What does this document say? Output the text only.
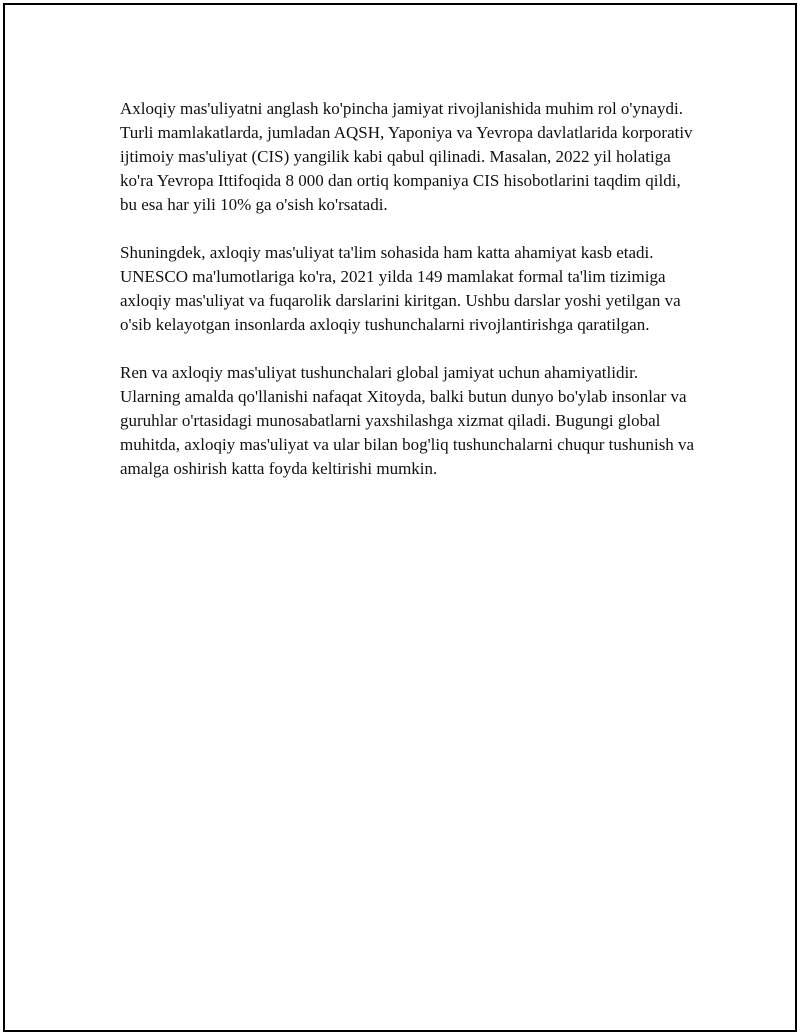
Axloqiy mas'uliyatni anglash ko'pincha jamiyat rivojlanishida muhim rol o'ynaydi. Turli mamlakatlarda, jumladan AQSH, Yaponiya va Yevropa davlatlarida korporativ ijtimoiy mas'uliyat (CIS) yangilik kabi qabul qilinadi. Masalan, 2022 yil holatiga ko'ra Yevropa Ittifoqida 8 000 dan ortiq kompaniya CIS hisobotlarini taqdim qildi, bu esa har yili 10% ga o'sish ko'rsatadi.

Shuningdek, axloqiy mas'uliyat ta'lim sohasida ham katta ahamiyat kasb etadi. UNESCO ma'lumotlariga ko'ra, 2021 yilda 149 mamlakat formal ta'lim tizimiga axloqiy mas'uliyat va fuqarolik darslarini kiritgan. Ushbu darslar yoshi yetilgan va o'sib kelayotgan insonlarda axloqiy tushunchalarni rivojlantirishga qaratilgan.

Ren va axloqiy mas'uliyat tushunchalari global jamiyat uchun ahamiyatlidir. Ularning amalda qo'llanishi nafaqat Xitoyda, balki butun dunyo bo'ylab insonlar va guruhlar o'rtasidagi munosabatlarni yaxshilashga xizmat qiladi. Bugungi global muhitda, axloqiy mas'uliyat va ular bilan bog'liq tushunchalarni chuqur tushunish va amalga oshirish katta foyda keltirishi mumkin.
